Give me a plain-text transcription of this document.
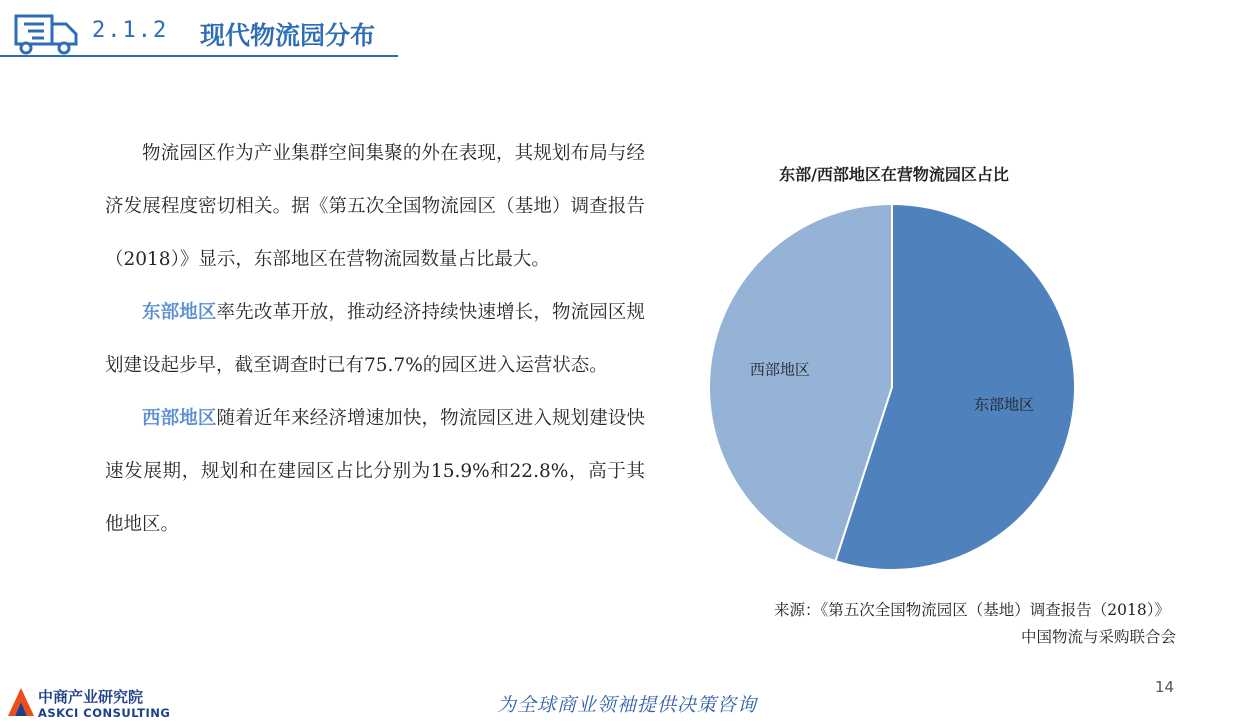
2.1.2 现代物流园分布

物流园区作为产业集群空间集聚的外在表现，其规划布局与经济发展程度密切相关。据《第五次全国物流园区（基地）调查报告（2018）》显示，东部地区在营物流园数量占比最大。

东部地区率先改革开放，推动经济持续快速增长，物流园区规划建设起步早，截至调查时已有75.7%的园区进入运营状态。

西部地区随着近年来经济增速加快，物流园区进入规划建设快速发展期，规划和在建园区占比分别为15.9%和22.8%，高于其他地区。

东部/西部地区在营物流园区占比
东部地区
西部地区
来源：《第五次全国物流园区（基地）调查报告（2018）》
中国物流与采购联合会
14
中商产业研究院
ASKCI CONSULTING	为全球商业领袖提供决策咨询
